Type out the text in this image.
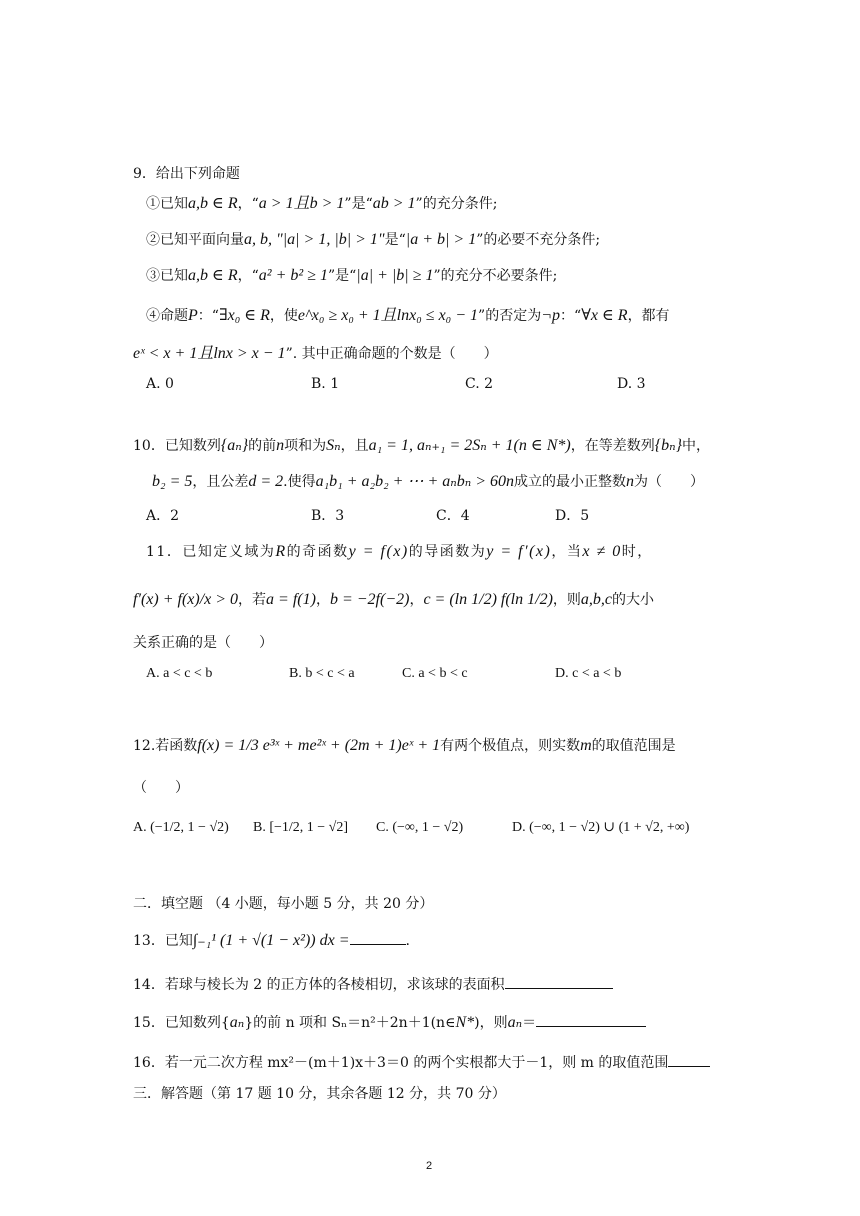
9．给出下列命题
①已知a,b ∈ R，“a > 1且b > 1”是“ab > 1”的充分条件;
②已知平面向量a, b, "|a| > 1, |b| > 1"是“|a + b| > 1”的必要不充分条件;
③已知a,b ∈ R，“a² + b² ≥ 1”是“|a| + |b| ≥ 1”的充分不必要条件;
④命题P：“∃x₀ ∈ R，使e^x₀ ≥ x₀ + 1且lnx₀ ≤ x₀ − 1”的否定为¬p：“∀x ∈ R，都有
eˣ < x + 1且lnx > x − 1”. 其中正确命题的个数是（　　）
A. 0	B. 1	C. 2	D. 3
10．已知数列{aₙ}的前n项和为Sₙ，且a₁ = 1, aₙ₊₁ = 2Sₙ + 1(n ∈ N*)，在等差数列{bₙ}中，
b₂ = 5，且公差d = 2.使得a₁b₁ + a₂b₂ + ⋯ + aₙbₙ > 60n成立的最小正整数n为（　　）
A．2	B．3	C．4	D．5
11．已知定义域为R的奇函数y = f(x)的导函数为y = f′(x)，当x ≠ 0时，
f′(x) + f(x)/x > 0，若a = f(1)，b = −2f(−2)，c = (ln 1/2) f(ln 1/2)，则a,b,c的大小
关系正确的是（　　）
A. a < c < b	B. b < c < a	C. a < b < c	D. c < a < b
12.若函数f(x) = 1/3 e³ˣ + me²ˣ + (2m + 1)eˣ + 1有两个极值点，则实数m的取值范围是
（　　）
A. (−1/2, 1 − √2) B. [−1/2, 1 − √2] C. (−∞, 1 − √2)	D. (−∞, 1 − √2) ∪ (1 + √2, +∞)
二．填空题 （4 小题，每小题 5 分，共 20 分）
13．已知∫₋₁¹ (1 + √(1 − x²)) dx =	.
14．若球与棱长为 2 的正方体的各棱相切，求该球的表面积
15．已知数列{aₙ}的前 n 项和 Sₙ＝n²＋2n＋1(n∈N*)，则aₙ＝
16．若一元二次方程 mx²－(m＋1)x＋3＝0 的两个实根都大于－1，则 m 的取值范围
三．解答题（第 17 题 10 分，其余各题 12 分，共 70 分）
2
